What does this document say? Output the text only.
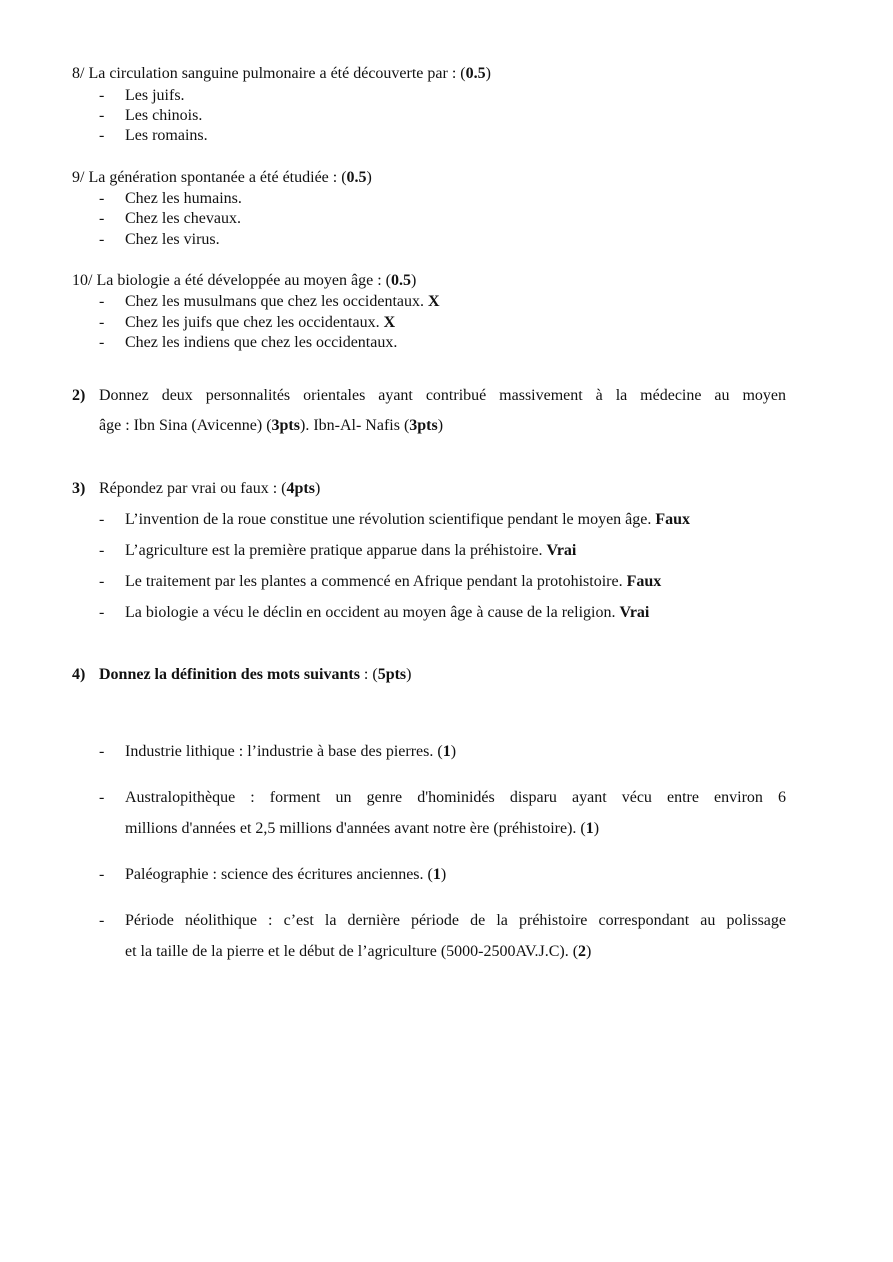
8/ La circulation sanguine pulmonaire a été découverte par : (0.5)
- Les juifs.
- Les chinois.
- Les romains.
9/ La génération spontanée a été étudiée : (0.5)
- Chez les humains.
- Chez les chevaux.
- Chez les virus.
10/ La biologie a été développée au moyen âge : (0.5)
- Chez les musulmans que chez les occidentaux. X
- Chez les juifs que chez les occidentaux. X
- Chez les indiens que chez les occidentaux.
2) Donnez deux personnalités orientales ayant contribué massivement à la médecine au moyen
âge : Ibn Sina (Avicenne) (3pts). Ibn-Al- Nafis (3pts)
3) Répondez par vrai ou faux : (4pts)
- L’invention de la roue constitue une révolution scientifique pendant le moyen âge. Faux
- L’agriculture est la première pratique apparue dans la préhistoire. Vrai
- Le traitement par les plantes a commencé en Afrique pendant la protohistoire. Faux
- La biologie a vécu le déclin en occident au moyen âge à cause de la religion. Vrai
4) Donnez la définition des mots suivants : (5pts)
- Industrie lithique : l’industrie à base des pierres. (1)
- Australopithèque : forment un genre d'hominidés disparu ayant vécu entre environ 6
millions d'années et 2,5 millions d'années avant notre ère (préhistoire). (1)
- Paléographie : science des écritures anciennes. (1)
- Période néolithique : c’est la dernière période de la préhistoire correspondant au polissage
et la taille de la pierre et le début de l’agriculture (5000-2500AV.J.C). (2)
